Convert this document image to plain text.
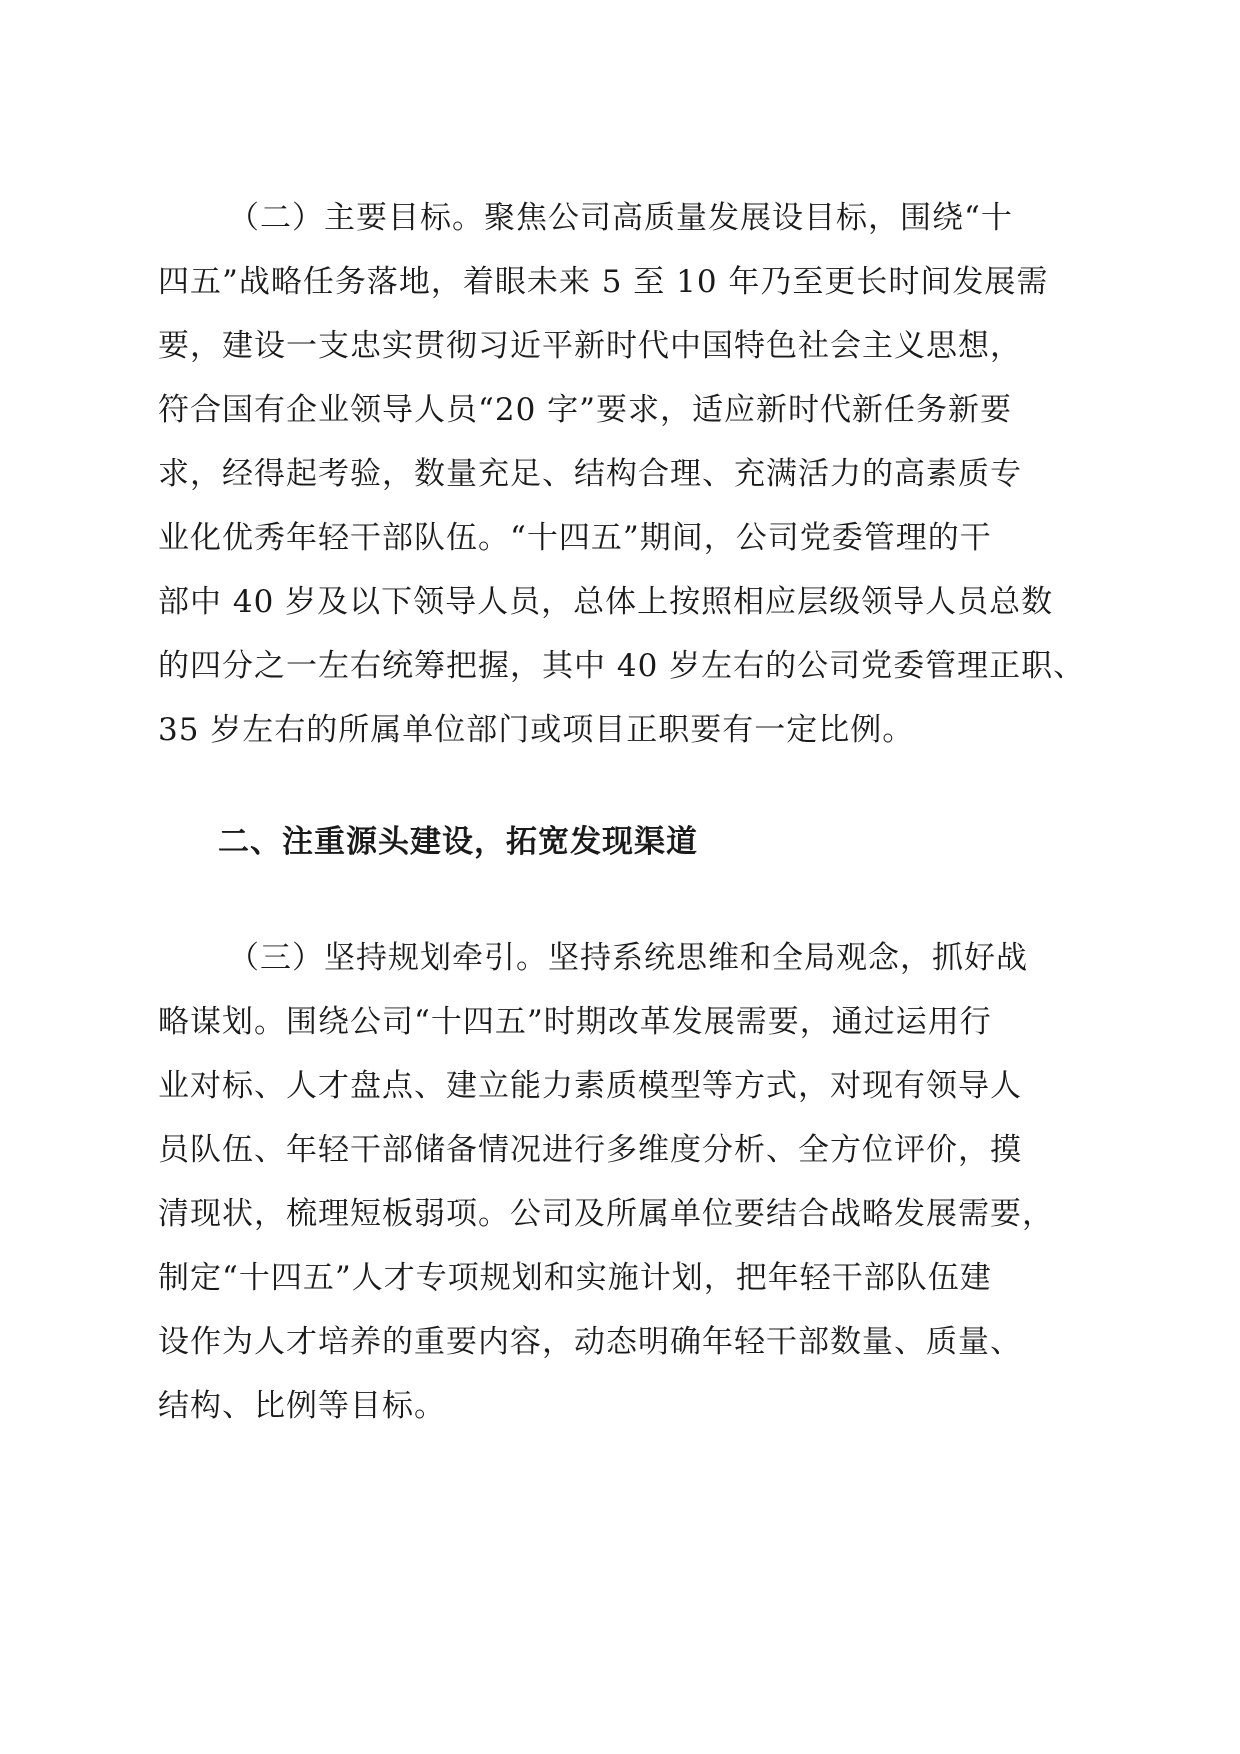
（二）主要目标。聚焦公司高质量发展设目标，围绕“十
四五”战略任务落地，着眼未来 5 至 10 年乃至更长时间发展需
要，建设一支忠实贯彻习近平新时代中国特色社会主义思想，
符合国有企业领导人员“20 字”要求，适应新时代新任务新要
求，经得起考验，数量充足、结构合理、充满活力的高素质专
业化优秀年轻干部队伍。“十四五”期间，公司党委管理的干
部中 40 岁及以下领导人员，总体上按照相应层级领导人员总数
的四分之一左右统筹把握，其中 40 岁左右的公司党委管理正职、
35 岁左右的所属单位部门或项目正职要有一定比例。
二、注重源头建设，拓宽发现渠道
（三）坚持规划牵引。坚持系统思维和全局观念，抓好战
略谋划。围绕公司“十四五”时期改革发展需要，通过运用行
业对标、人才盘点、建立能力素质模型等方式，对现有领导人
员队伍、年轻干部储备情况进行多维度分析、全方位评价，摸
清现状，梳理短板弱项。公司及所属单位要结合战略发展需要，
制定“十四五”人才专项规划和实施计划，把年轻干部队伍建
设作为人才培养的重要内容，动态明确年轻干部数量、质量、
结构、比例等目标。
